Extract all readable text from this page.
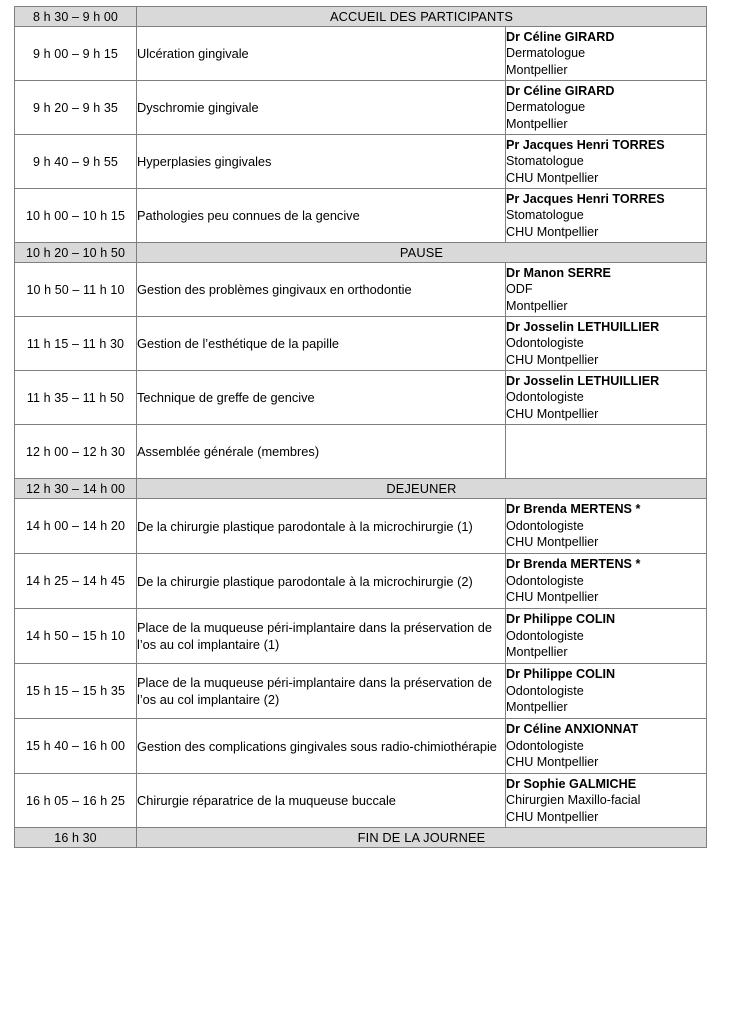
8 h 30 – 9 h 00	ACCUEIL DES PARTICIPANTS	
9 h 00 – 9 h 15	Ulcération gingivale	Dr Céline GIRARD
Dermatologue
Montpellier

9 h 20 – 9 h 35	Dyschromie gingivale	Dr Céline GIRARD
Dermatologue
Montpellier

9 h 40 – 9 h 55	Hyperplasies gingivales	Pr Jacques Henri TORRES
Stomatologue
CHU Montpellier

10 h 00 – 10 h 15	Pathologies peu connues de la gencive	Pr Jacques Henri TORRES
Stomatologue
CHU Montpellier

10 h 20 – 10 h 50	PAUSE	
10 h 50 – 11 h 10	Gestion des problèmes gingivaux en orthodontie	Dr Manon SERRE
ODF
Montpellier

11 h 15 – 11 h 30	Gestion de l’esthétique de la papille	Dr Josselin LETHUILLIER
Odontologiste
CHU Montpellier

11 h 35 – 11 h 50	Technique de greffe de gencive	Dr Josselin LETHUILLIER
Odontologiste
CHU Montpellier

12 h 00 – 12 h 30	Assemblée générale (membres)	

12 h 30 – 14 h 00	DEJEUNER	
14 h 00 – 14 h 20	De la chirurgie plastique parodontale à la microchirurgie (1)	Dr Brenda MERTENS *
Odontologiste
CHU Montpellier

14 h 25 – 14 h 45	De la chirurgie plastique parodontale à la microchirurgie (2)	Dr Brenda MERTENS *
Odontologiste
CHU Montpellier

14 h 50 – 15 h 10	Place de la muqueuse péri-implantaire dans la préservation de l’os au col implantaire (1)	Dr Philippe COLIN
Odontologiste
Montpellier

15 h 15 – 15 h 35	Place de la muqueuse péri-implantaire dans la préservation de l’os au col implantaire (2)	Dr Philippe COLIN
Odontologiste
Montpellier

15 h 40 – 16 h 00	Gestion des complications gingivales sous radio-chimiothérapie	Dr Céline ANXIONNAT
Odontologiste
CHU Montpellier

16 h 05 – 16 h 25	Chirurgie réparatrice de la muqueuse buccale	Dr Sophie GALMICHE
Chirurgien Maxillo-facial
CHU Montpellier

16 h 30	FIN DE LA JOURNEE	
